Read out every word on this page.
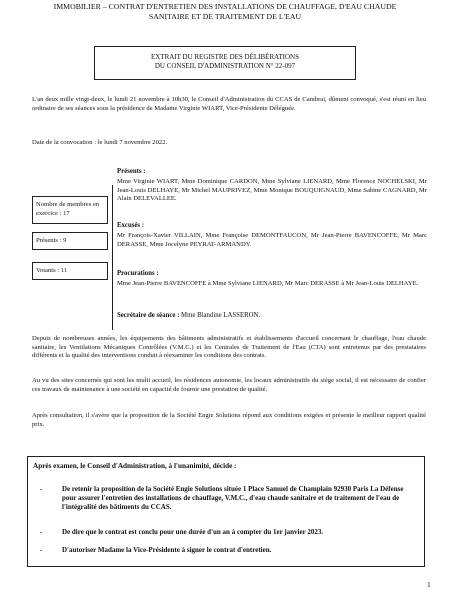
IMMOBILIER – CONTRAT D'ENTRETIEN DES INSTALLATIONS DE CHAUFFAGE, D'EAU CHAUDE
SANITAIRE ET DE TRAITEMENT DE L'EAU
EXTRAIT DU REGISTRE DES DÉLIBÉRATIONS
DU CONSEIL D'ADMINISTRATION N° 22-097

L'an deux mille vingt-deux, le lundi 21 novembre à 10h30, le Conseil d'Administration du CCAS de Cambrai, dûment convoqué, s'est réuni en lieu ordinaire de ses séances sous la présidence de Madame Virginie WIART, Vice-Présidente Déléguée.

Date de la convocation : le lundi 7 novembre 2022.

Nombre de membres en exercice : 17
Présents : 9
Votants : 11
Présents :

Mme Virginie WIART, Mme Dominique CARDON, Mme Sylviane LIENARD, Mme Florence NOCHELSKI, Mr Jean-Louis DELHAYE, Mr Michel MAUPRIVEZ, Mme Monique BOUQUIGNAUD, Mme Sabine CAGNARD, Mr Alain DELEVALLEE.

Excusés :

Mr François-Xavier VILLAIN, Mme Françoise DEMONTFAUCON, Mr Jean-Pierre BAVENCOFFE, Mr Marc DERASSE, Mme Jocelyne PEYRAT-ARMANDY.

Procurations :

Mme Jean-Pierre BAVENCOFFE à Mme Sylviane LIENARD, Mr Marc DERASSE à Mr Jean-Louis DELHAYE.

Secrétaire de séance : Mme Blandine LASSERON.

Depuis de nombreuses années, les équipements des bâtiments administratifs et établissements d'accueil concernant le chauffage, l'eau chaude sanitaire, les Ventilations Mécaniques Contrôlées (V.M.C.) et les Centrales de Traitement de l'Eau (CTA) sont entretenus par des prestataires différents et la qualité des interventions conduit à réexaminer les conditions des contrats.

Au vu des sites concernés qui sont les multi accueil, les résidences autonomie, les locaux administratifs du siège social, il est nécessaire de confier ces travaux de maintenance à une société en capacité de fournir une prestation de qualité.

Après consultation, il s'avère que la proposition de la Société Engie Solutions répond aux conditions exigées et présente le meilleur rapport qualité prix.

Après examen, le Conseil d'Administration, à l'unanimité, décide :
-	De retenir la proposition de la Société Engie Solutions située 1 Place Samuel de Champlain 92930 Paris La Défense pour assurer l'entretien des installations de chauffage, V.M.C., d'eau chaude sanitaire et de traitement de l'eau de l'intégralité des bâtiments du CCAS.

-	De dire que le contrat est conclu pour une durée d'un an à compter du 1er janvier 2023.

-	D'autoriser Madame la Vice-Présidente à signer le contrat d'entretien.

1
